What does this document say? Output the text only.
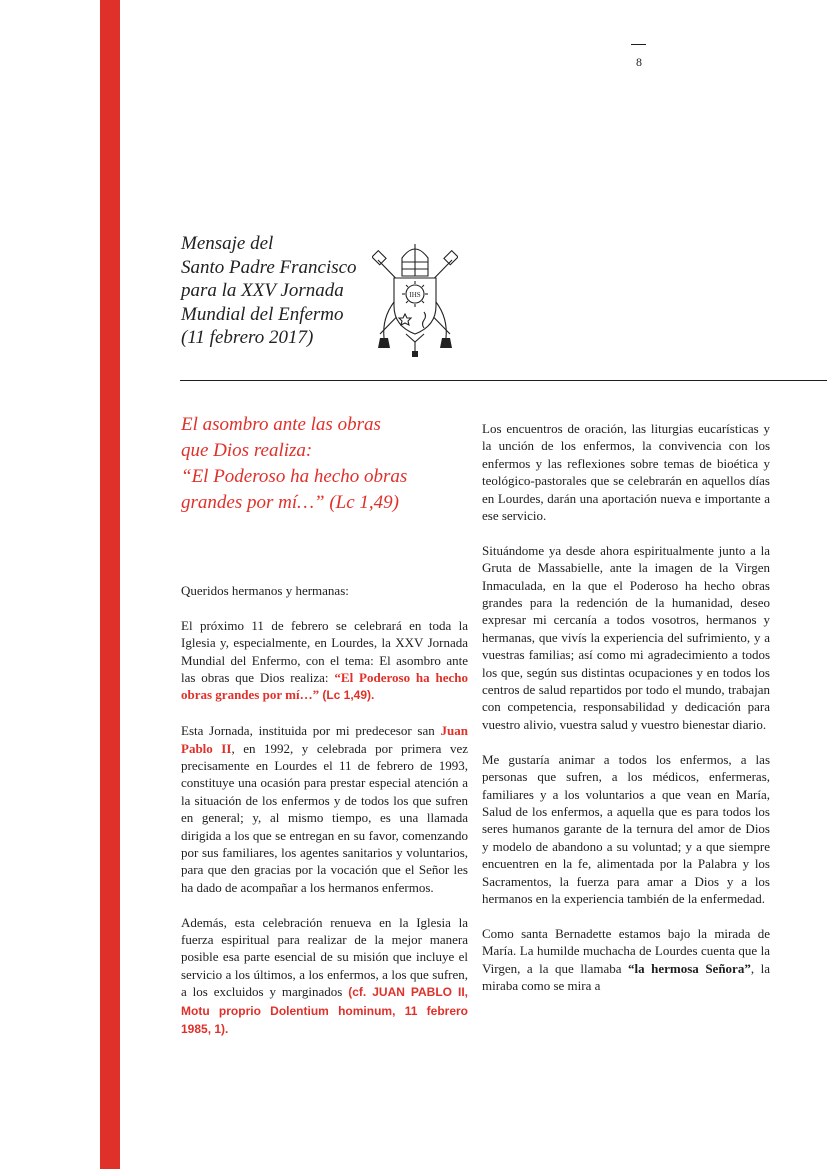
8
Mensaje del
Santo Padre Francisco
para la XXV Jornada
Mundial del Enfermo
(11 febrero 2017)
IHS
El asombro ante las obras
que Dios realiza:
“El Poderoso ha hecho obras
grandes por mí…” (Lc 1,49)

Queridos hermanos y hermanas:

El próximo 11 de febrero se celebrará en toda la Iglesia y, especialmente, en Lourdes, la XXV Jornada Mundial del Enfermo, con el tema: El asombro ante las obras que Dios realiza: “El Poderoso ha hecho obras grandes por mí…” (Lc 1,49).

Esta Jornada, instituida por mi predecesor san Juan Pablo II, en 1992, y celebrada por primera vez precisamente en Lourdes el 11 de febrero de 1993, constituye una ocasión para prestar especial atención a la situación de los enfermos y de todos los que sufren en general; y, al mismo tiempo, es una llamada dirigida a los que se entregan en su favor, comenzando por sus familiares, los agentes sanitarios y voluntarios, para que den gracias por la vocación que el Señor les ha dado de acompañar a los hermanos enfermos.

Además, esta celebración renueva en la Iglesia la fuerza espiritual para realizar de la mejor manera posible esa parte esencial de su misión que incluye el servicio a los últimos, a los enfermos, a los que sufren, a los excluidos y marginados (cf. JUAN PABLO II, Motu proprio Dolentium hominum, 11 febrero 1985, 1).

Los encuentros de oración, las liturgias eucarísticas y la unción de los enfermos, la convivencia con los enfermos y las reflexiones sobre temas de bioética y teológico-pastorales que se celebrarán en aquellos días en Lourdes, darán una aportación nueva e importante a ese servicio.

Situándome ya desde ahora espiritualmente junto a la Gruta de Massabielle, ante la imagen de la Virgen Inmaculada, en la que el Poderoso ha hecho obras grandes para la redención de la humanidad, deseo expresar mi cercanía a todos vosotros, hermanos y hermanas, que vivís la experiencia del sufrimiento, y a vuestras familias; así como mi agradecimiento a todos los que, según sus distintas ocupaciones y en todos los centros de salud repartidos por todo el mundo, trabajan con competencia, responsabilidad y dedicación para vuestro alivio, vuestra salud y vuestro bienestar diario.

Me gustaría animar a todos los enfermos, a las personas que sufren, a los médicos, enfermeras, familiares y a los voluntarios a que vean en María, Salud de los enfermos, a aquella que es para todos los seres humanos garante de la ternura del amor de Dios y modelo de abandono a su voluntad; y a que siempre encuentren en la fe, alimentada por la Palabra y los Sacramentos, la fuerza para amar a Dios y a los hermanos en la experiencia también de la enfermedad.

Como santa Bernadette estamos bajo la mirada de María. La humilde muchacha de Lourdes cuenta que la Virgen, a la que llamaba “la hermosa Señora”, la miraba como se mira a
